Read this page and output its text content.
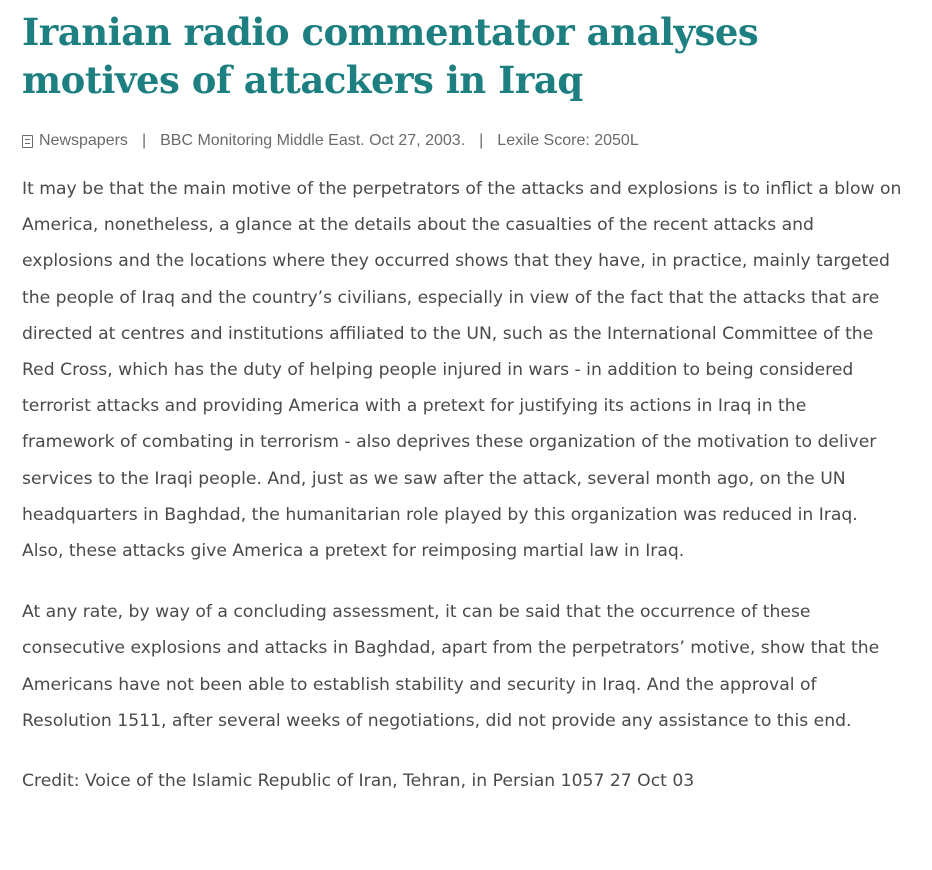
Iranian radio commentator analyses motives of attackers in Iraq
Newspapers | BBC Monitoring Middle East. Oct 27, 2003. | Lexile Score: 2050L

It may be that the main motive of the perpetrators of the attacks and explosions is to inflict a blow on America, nonetheless, a glance at the details about the casualties of the recent attacks and explosions and the locations where they occurred shows that they have, in practice, mainly targeted the people of Iraq and the country’s civilians, especially in view of the fact that the attacks that are directed at centres and institutions affiliated to the UN, such as the International Committee of the Red Cross, which has the duty of helping people injured in wars - in addition to being considered terrorist attacks and providing America with a pretext for justifying its actions in Iraq in the framework of combating in terrorism - also deprives these organization of the motivation to deliver services to the Iraqi people. And, just as we saw after the attack, several month ago, on the UN headquarters in Baghdad, the humanitarian role played by this organization was reduced in Iraq. Also, these attacks give America a pretext for reimposing martial law in Iraq.

At any rate, by way of a concluding assessment, it can be said that the occurrence of these consecutive explosions and attacks in Baghdad, apart from the perpetrators’ motive, show that the Americans have not been able to establish stability and security in Iraq. And the approval of Resolution 1511, after several weeks of negotiations, did not provide any assistance to this end.

Credit: Voice of the Islamic Republic of Iran, Tehran, in Persian 1057 27 Oct 03
